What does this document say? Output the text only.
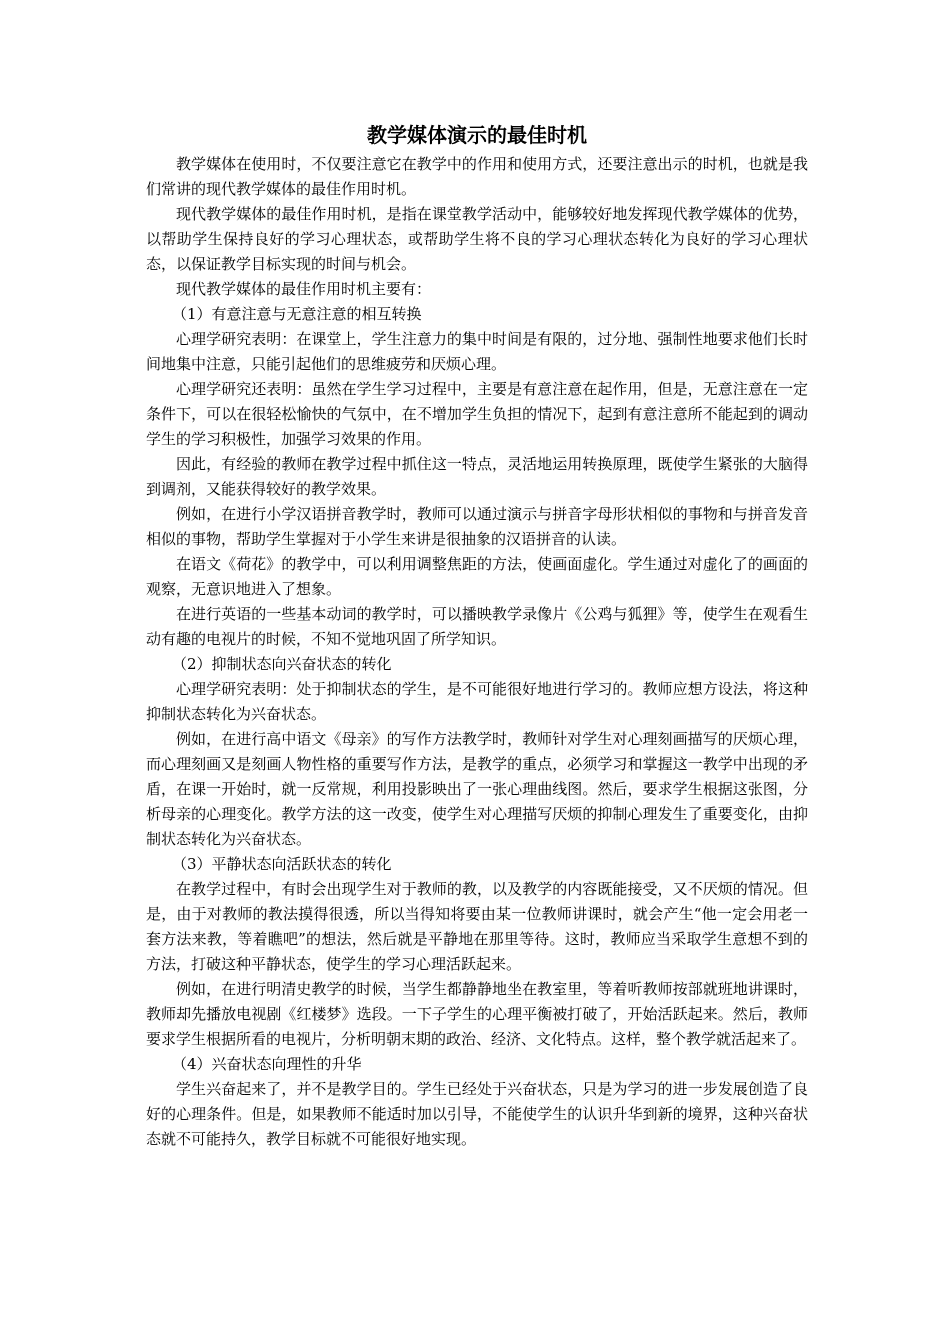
教学媒体演示的最佳时机

教学媒体在使用时，不仅要注意它在教学中的作用和使用方式，还要注意出示的时机，也就是我们常讲的现代教学媒体的最佳作用时机。

现代教学媒体的最佳作用时机，是指在课堂教学活动中，能够较好地发挥现代教学媒体的优势，以帮助学生保持良好的学习心理状态，或帮助学生将不良的学习心理状态转化为良好的学习心理状态，以保证教学目标实现的时间与机会。

现代教学媒体的最佳作用时机主要有：

（1）有意注意与无意注意的相互转换

心理学研究表明：在课堂上，学生注意力的集中时间是有限的，过分地、强制性地要求他们长时间地集中注意，只能引起他们的思维疲劳和厌烦心理。

心理学研究还表明：虽然在学生学习过程中，主要是有意注意在起作用，但是，无意注意在一定条件下，可以在很轻松愉快的气氛中，在不增加学生负担的情况下，起到有意注意所不能起到的调动学生的学习积极性，加强学习效果的作用。

因此，有经验的教师在教学过程中抓住这一特点，灵活地运用转换原理，既使学生紧张的大脑得到调剂，又能获得较好的教学效果。

例如，在进行小学汉语拼音教学时，教师可以通过演示与拼音字母形状相似的事物和与拼音发音相似的事物，帮助学生掌握对于小学生来讲是很抽象的汉语拼音的认读。

在语文《荷花》的教学中，可以利用调整焦距的方法，使画面虚化。学生通过对虚化了的画面的观察，无意识地进入了想象。

在进行英语的一些基本动词的教学时，可以播映教学录像片《公鸡与狐狸》等，使学生在观看生动有趣的电视片的时候，不知不觉地巩固了所学知识。

（2）抑制状态向兴奋状态的转化

心理学研究表明：处于抑制状态的学生，是不可能很好地进行学习的。教师应想方设法，将这种抑制状态转化为兴奋状态。

例如，在进行高中语文《母亲》的写作方法教学时，教师针对学生对心理刻画描写的厌烦心理，而心理刻画又是刻画人物性格的重要写作方法，是教学的重点，必须学习和掌握这一教学中出现的矛盾，在课一开始时，就一反常规，利用投影映出了一张心理曲线图。然后，要求学生根据这张图，分析母亲的心理变化。教学方法的这一改变，使学生对心理描写厌烦的抑制心理发生了重要变化，由抑制状态转化为兴奋状态。

（3）平静状态向活跃状态的转化

在教学过程中，有时会出现学生对于教师的教，以及教学的内容既能接受，又不厌烦的情况。但是，由于对教师的教法摸得很透，所以当得知将要由某一位教师讲课时，就会产生“他一定会用老一套方法来教，等着瞧吧”的想法，然后就是平静地在那里等待。这时，教师应当采取学生意想不到的方法，打破这种平静状态，使学生的学习心理活跃起来。

例如，在进行明清史教学的时候，当学生都静静地坐在教室里，等着听教师按部就班地讲课时，教师却先播放电视剧《红楼梦》选段。一下子学生的心理平衡被打破了，开始活跃起来。然后，教师要求学生根据所看的电视片，分析明朝末期的政治、经济、文化特点。这样，整个教学就活起来了。

（4）兴奋状态向理性的升华

学生兴奋起来了，并不是教学目的。学生已经处于兴奋状态，只是为学习的进一步发展创造了良好的心理条件。但是，如果教师不能适时加以引导，不能使学生的认识升华到新的境界，这种兴奋状态就不可能持久，教学目标就不可能很好地实现。
